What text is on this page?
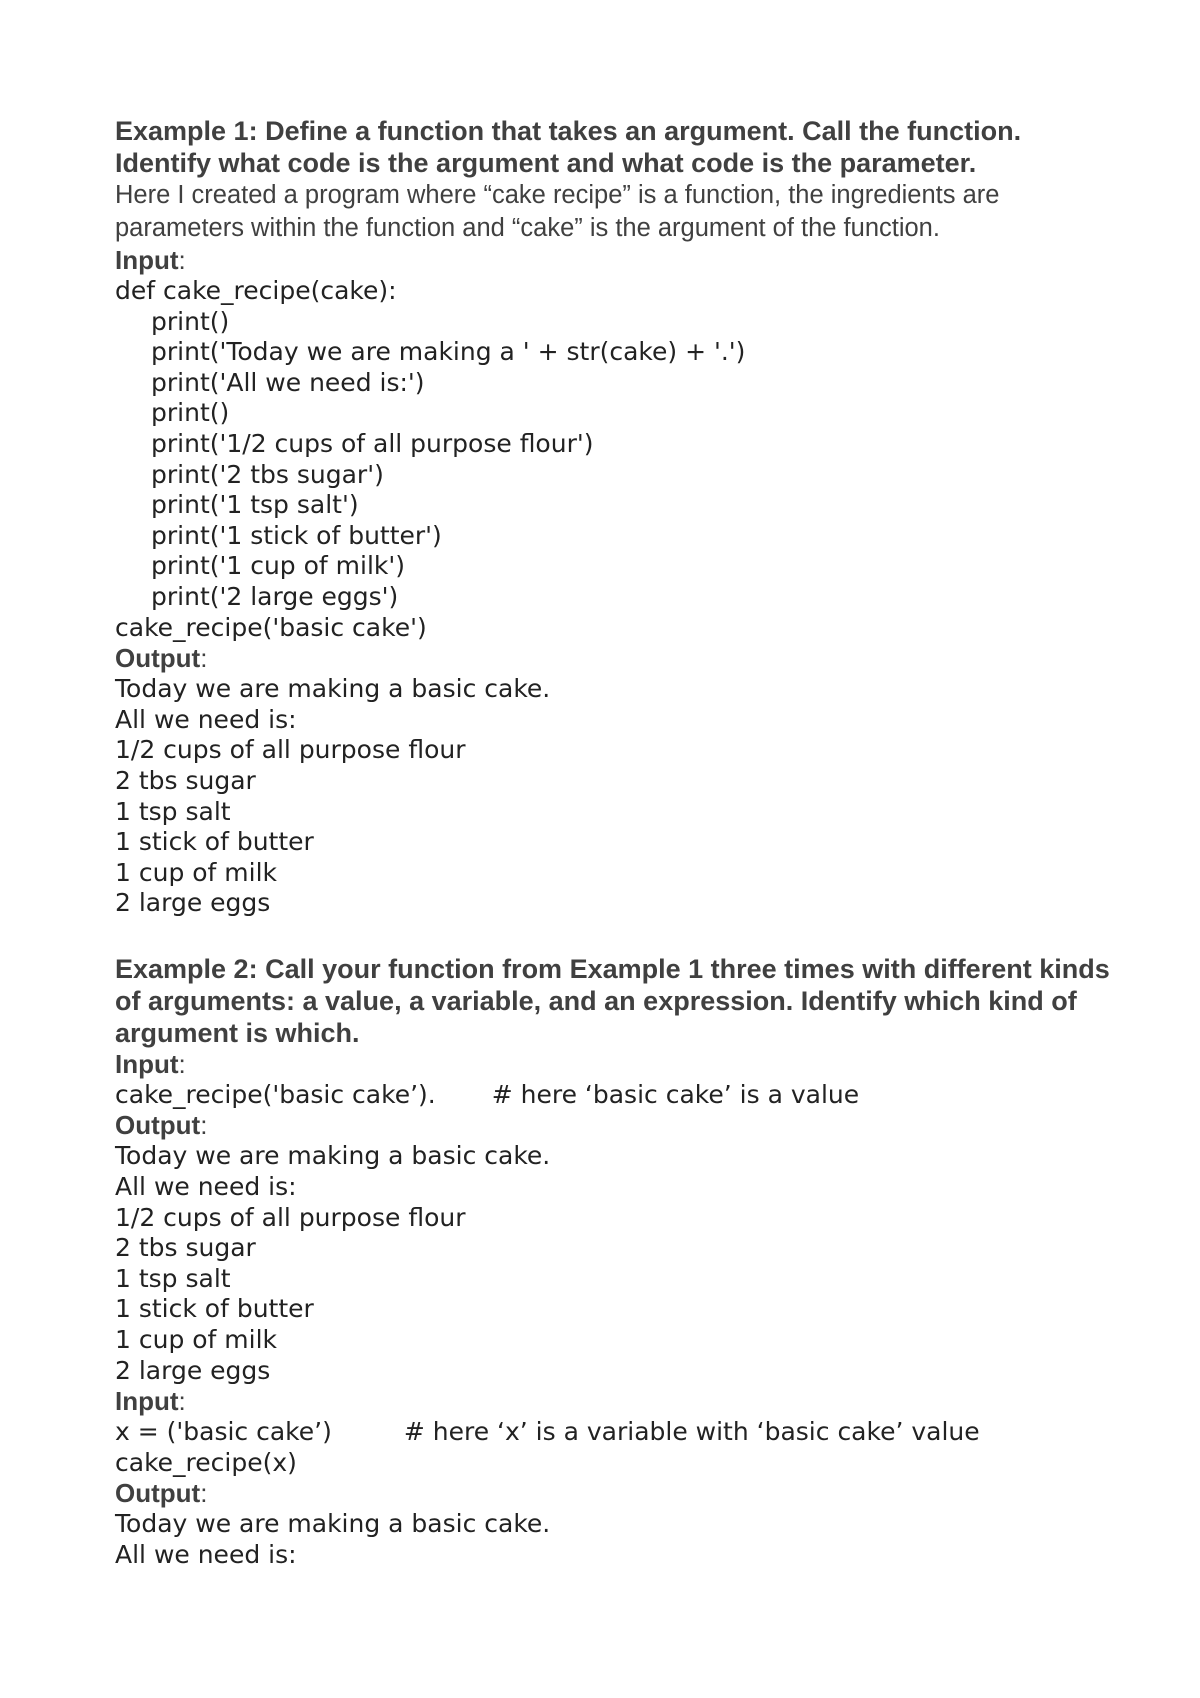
Example 1: Define a function that takes an argument. Call the function. Identify what code is the argument and what code is the parameter.
Here I created a program where “cake recipe” is a function, the ingredients are parameters within the function and “cake” is the argument of the function.
Input:
def cake_recipe(cake):
print()
print('Today we are making a ' + str(cake) + '.')
print('All we need is:')
print()
print('1/2 cups of all purpose flour')
print('2 tbs sugar')
print('1 tsp salt')
print('1 stick of butter')
print('1 cup of milk')
print('2 large eggs')
cake_recipe('basic cake')
Output:
Today we are making a basic cake.
All we need is:
1/2 cups of all purpose flour
2 tbs sugar
1 tsp salt
1 stick of butter
1 cup of milk
2 large eggs
Example 2: Call your function from Example 1 three times with different kinds of arguments: a value, a variable, and an expression. Identify which kind of argument is which.
Input:
cake_recipe('basic cake’). # here ‘basic cake’ is a value
Output:
Today we are making a basic cake.
All we need is:
1/2 cups of all purpose flour
2 tbs sugar
1 tsp salt
1 stick of butter
1 cup of milk
2 large eggs
Input:
x = ('basic cake’)	# here ‘x’ is a variable with ‘basic cake’ value
cake_recipe(x)
Output:
Today we are making a basic cake.
All we need is:
